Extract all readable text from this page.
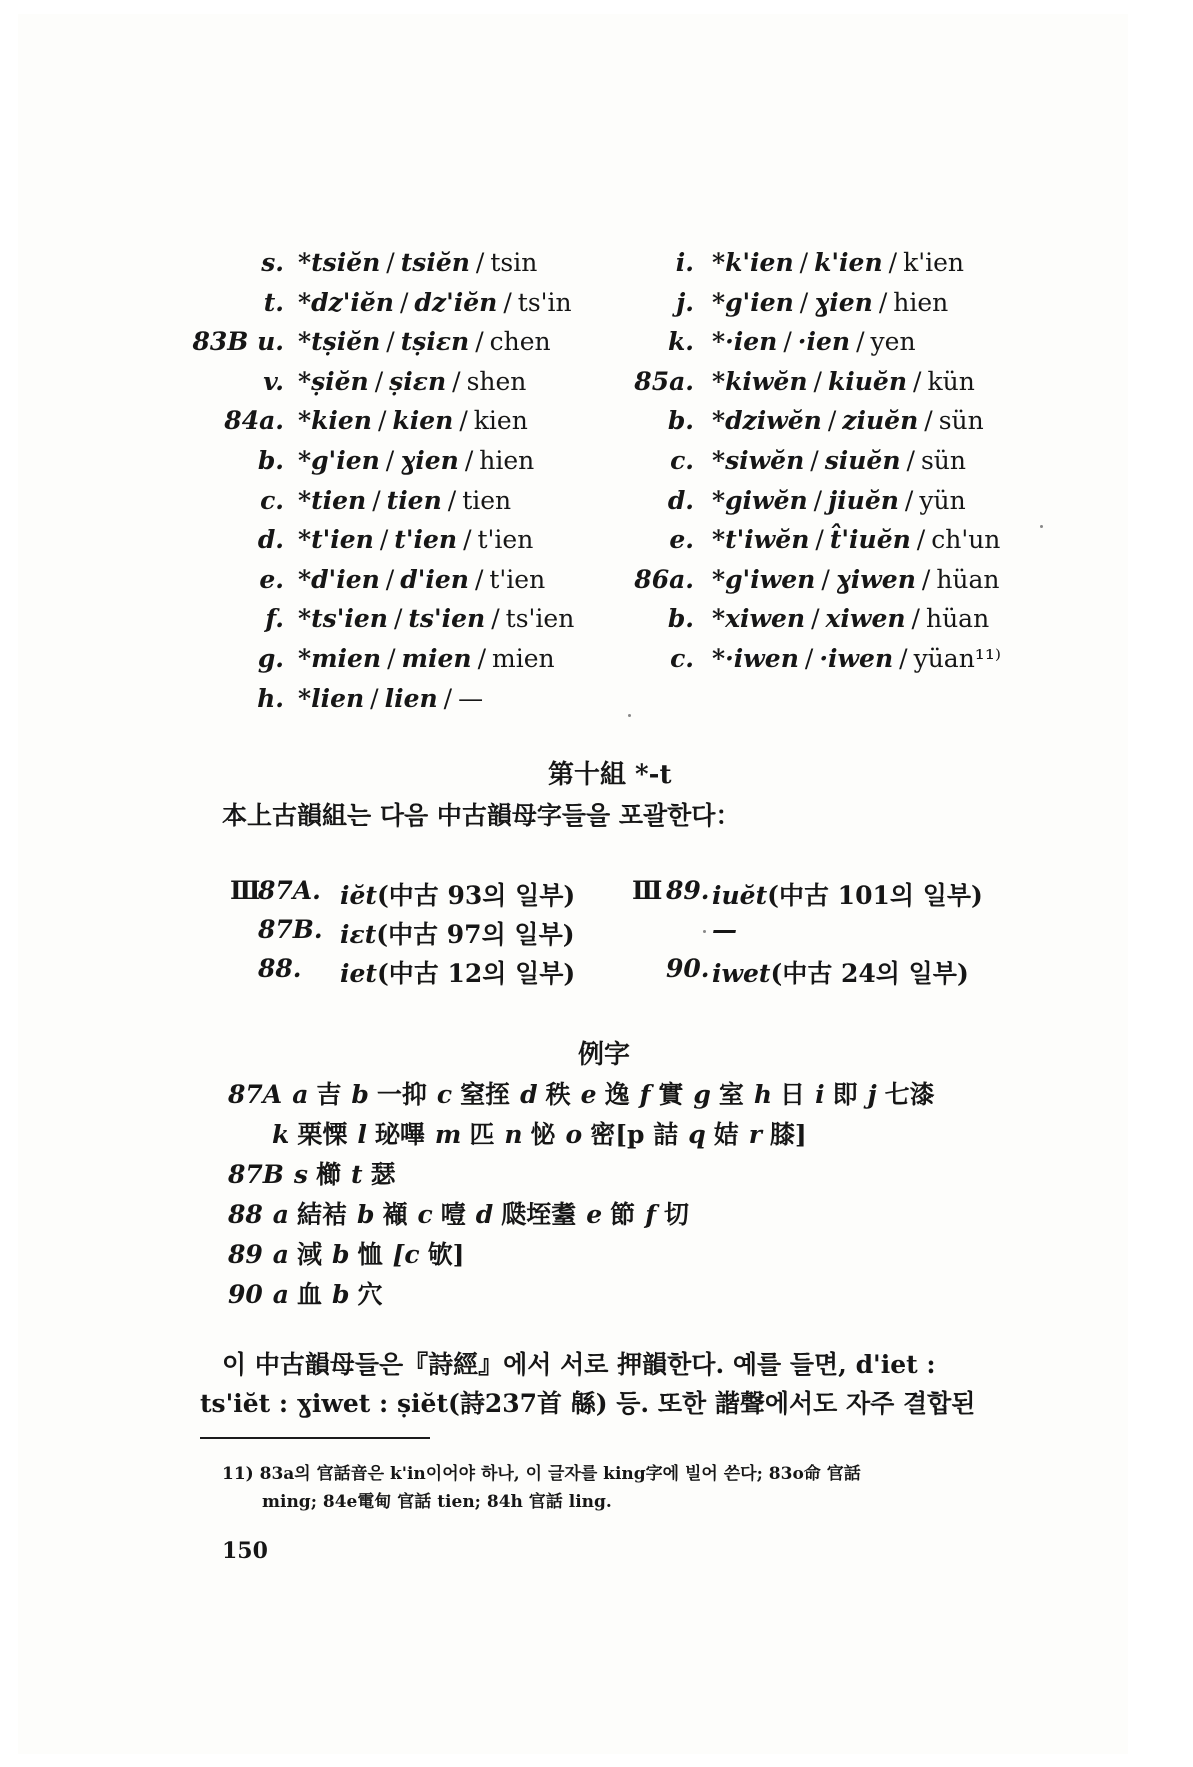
s. *tsiĕn / tsiĕn / tsin
t. *dz'iĕn / dz'iĕn / ts'in
83B u. *tṣiĕn / tṣiɛn / chen
v. *ṣiĕn / ṣiɛn / shen
84a. *kien / kien / kien
b. *g'ien / ɣien / hien
c. *tien / tien / tien
d. *t'ien / t'ien / t'ien
e. *d'ien / d'ien / t'ien
f. *ts'ien / ts'ien / ts'ien
g. *mien / mien / mien
h. *lien / lien / —
i. *k'ien / k'ien / k'ien
j. *g'ien / ɣien / hien
k. *·ien / ·ien / yen
85a. *kiwĕn / kiuĕn / kün
b. *dziwĕn / ziuĕn / sün
c. *siwĕn / siuĕn / sün
d. *giwĕn / jiuĕn / yün
e. *t'iwĕn / t̂'iuĕn / ch'un
86a. *g'iwen / ɣiwen / hüan
b. *xiwen / xiwen / hüan
c. *·iwen / ·iwen / yüan¹¹⁾
第十組 *-t
本上古韻組는 다음 中古韻母字들을 포괄한다：
Ⅲ
87A. iĕt(中古 93의 일부) Ⅲ 89. iuĕt(中古 101의 일부)
87B. iɛt(中古 97의 일부)	—
88. iet(中古 12의 일부)	90. iwet(中古 24의 일부)
例字
87A a 吉 b 一抑 c 窒挃 d 秩 e 逸 f 實 g 室 h 日 i 即 j 七漆
k 栗慄 l 珌嗶 m 匹 n 怭 o 密[p 詰 q 姞 r 膝]
87B s 櫛 t 瑟
88 a 結袺 b 襭 c 噎 d 瓞垤耋 e 節 f 切
89 a 淢 b 恤 [c 欨]
90 a 血 b 穴
이 中古韻母들은『詩經』에서 서로 押韻한다. 예를 들면, d'iet :
ts'iĕt : ɣiwet : ṣiĕt(詩237首 緜) 등. 또한 諧聲에서도 자주 결합된
11) 83a의 官話音은 k'in이어야 하나, 이 글자를 king字에 빌어 쓴다; 83o命 官話
ming; 84e電甸 官話 tien; 84h 官話 ling.
150
